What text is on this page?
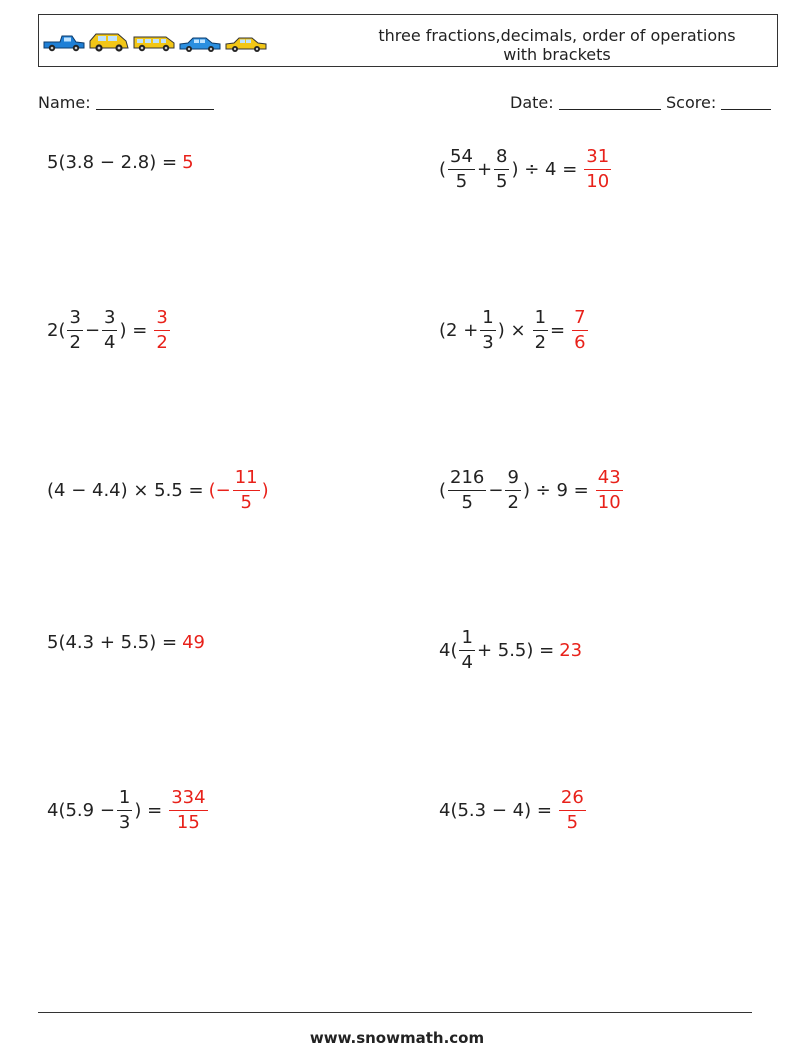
three fractions,decimals, order of operations
with brackets
Name:	Date:	Score:
5(3.8 − 2.8) = 5	( $\frac{54}{5} + \frac{8}{5}$ ) ÷ $4 = \frac{31}{10}$
$2( \frac{3}{2} - \frac{3}{4}$ ) = $\frac{3}{2}$	($2 + \frac{1}{3}$ ) × $\frac{1}{2} = \frac{7}{6}$
(4 − 4.4) × 5.5 = (− $\frac{11}{5}$ )	( $\frac{216}{5} - \frac{9}{2}$ ) ÷ $9 = \frac{43}{10}$
5(4.3 + 5.5) = 49	$4( \frac{1}{4} + 5.5) = 23$
$4(5.9 - \frac{1}{3}$ ) = $\frac{334}{15}$	$4(5.3 - 4) = \frac{26}{5}$
www.snowmath.com
